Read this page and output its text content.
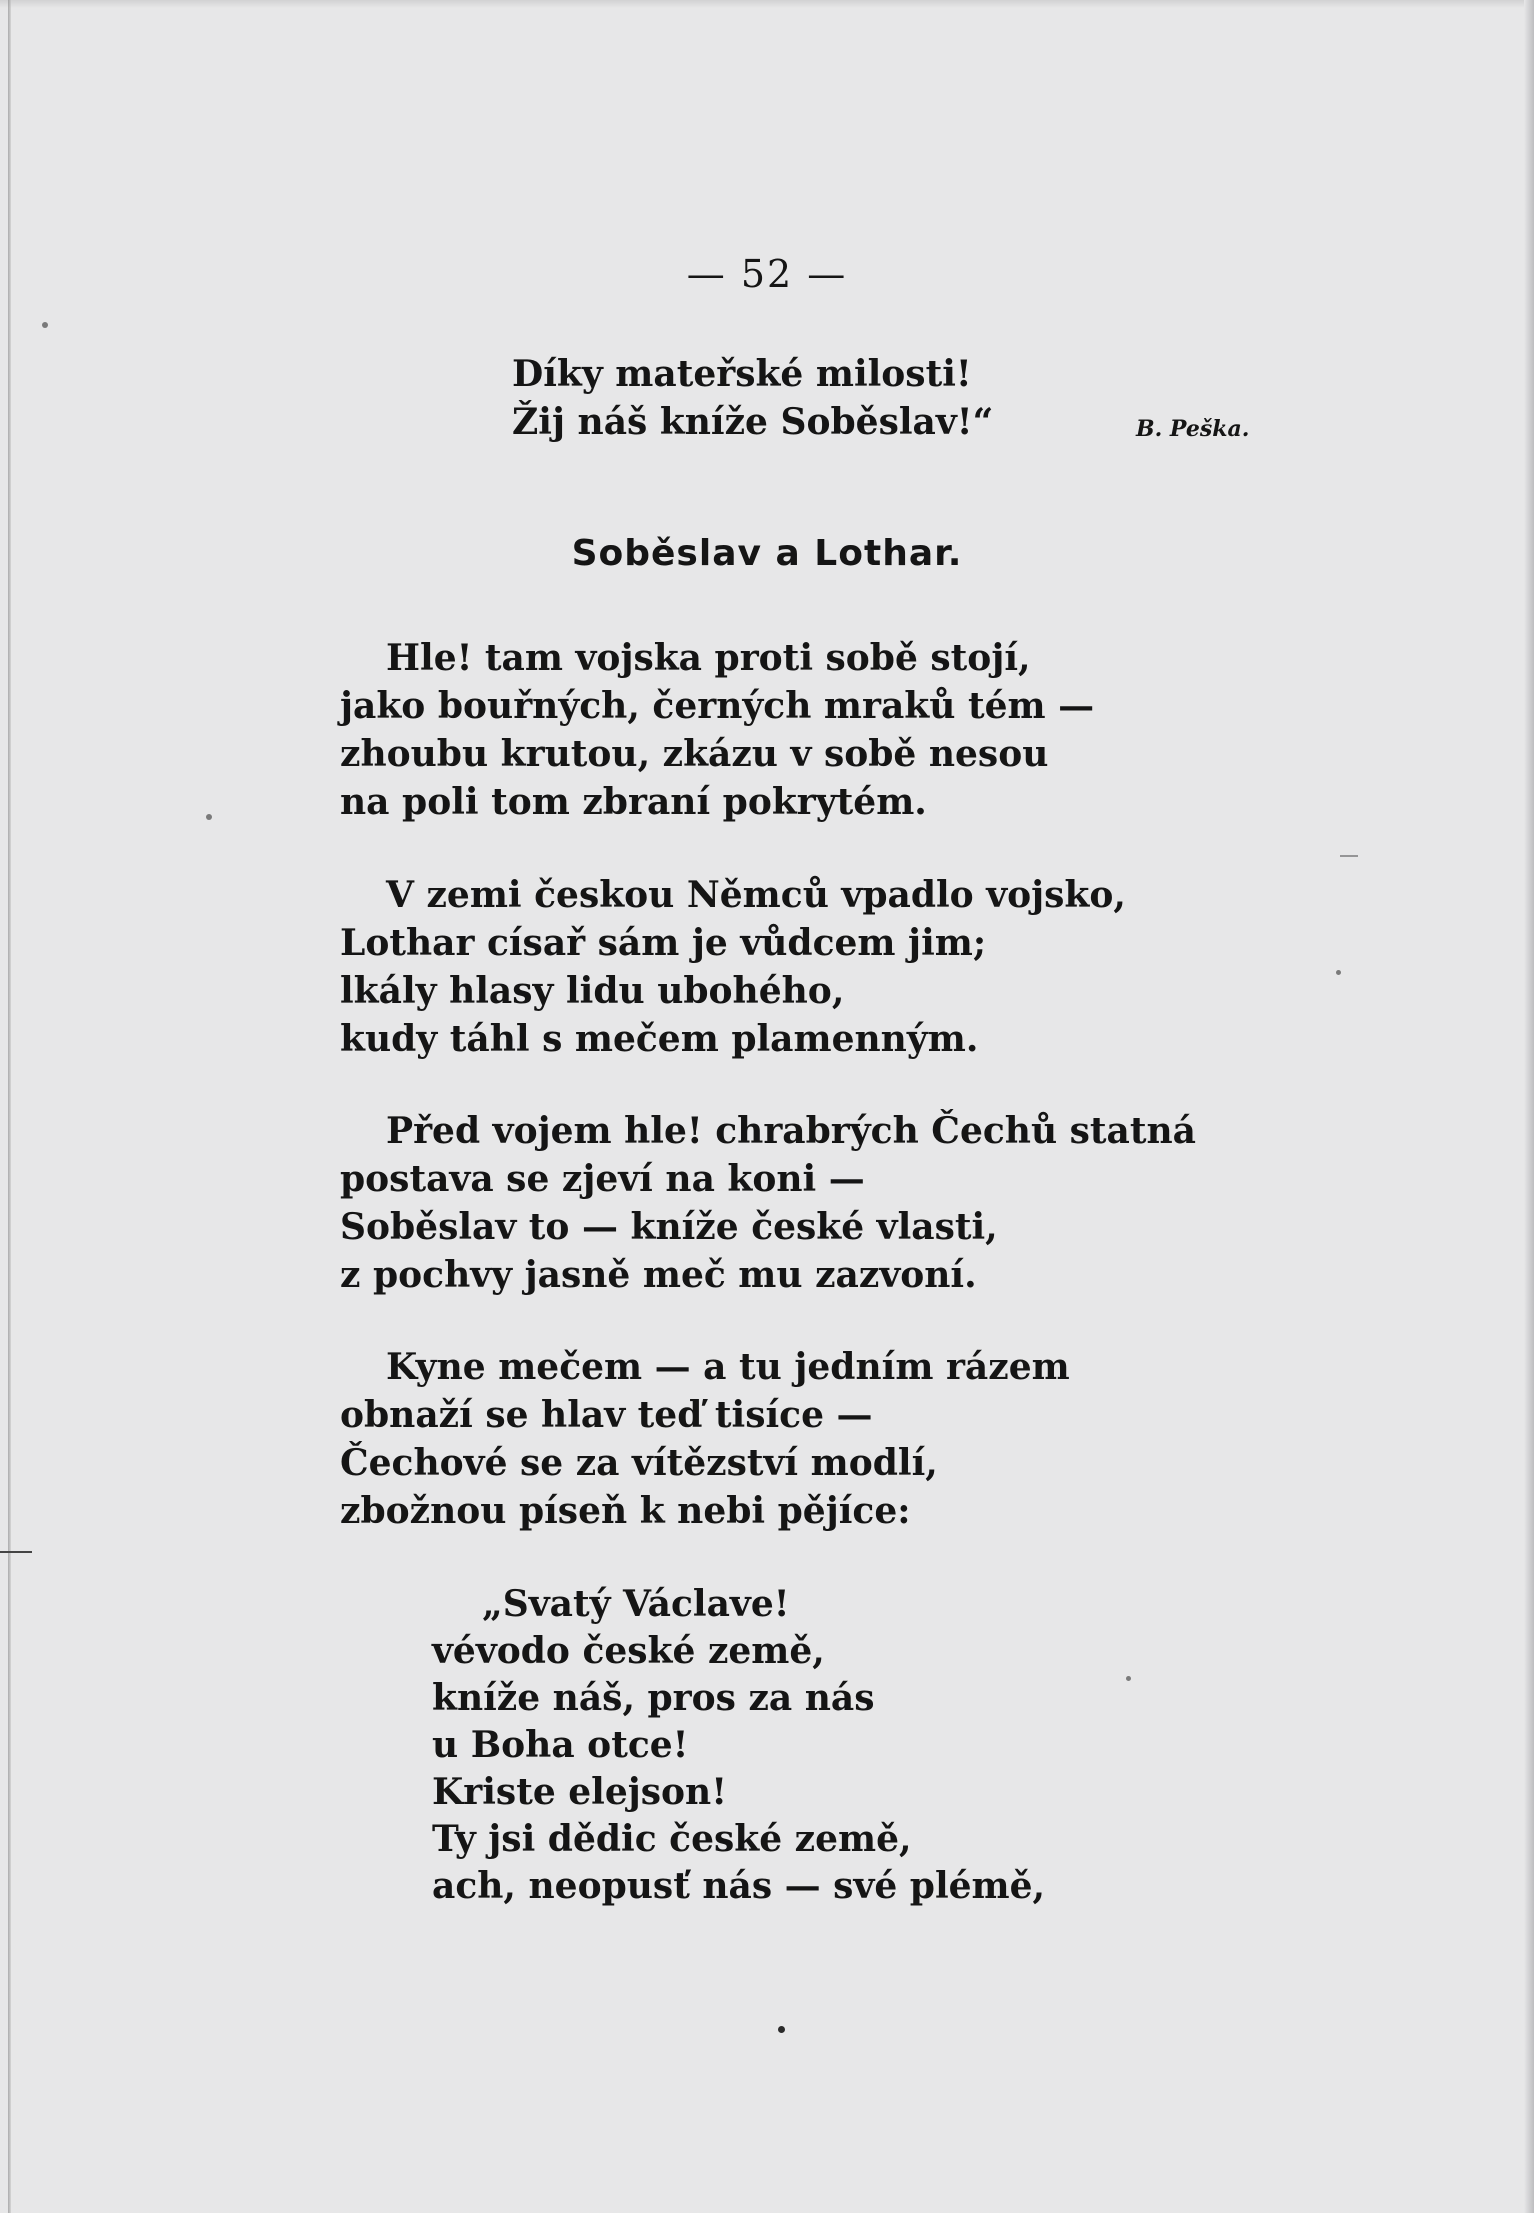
— 52 —
Díky mateřské milosti!
Žij náš kníže Soběslav!“	B. Peška.
Soběslav a Lothar.
Hle! tam vojska proti sobě stojí,
jako bouřných, černých mraků tém —
zhoubu krutou, zkázu v sobě nesou
na poli tom zbraní pokrytém.
V zemi českou Němců vpadlo vojsko,
Lothar císař sám je vůdcem jim;
lkály hlasy lidu ubohého,
kudy táhl s mečem plamenným.
Před vojem hle! chrabrých Čechů statná
postava se zjeví na koni —
Soběslav to — kníže české vlasti,
z pochvy jasně meč mu zazvoní.
Kyne mečem — a tu jedním rázem
obnaží se hlav teď tisíce —
Čechové se za vítězství modlí,
zbožnou píseň k nebi pějíce:
„Svatý Václave!
vévodo české země,
kníže náš, pros za nás
u Boha otce!
Kriste elejson!
Ty jsi dědic české země,
ach, neopusť nás — své plémě,
